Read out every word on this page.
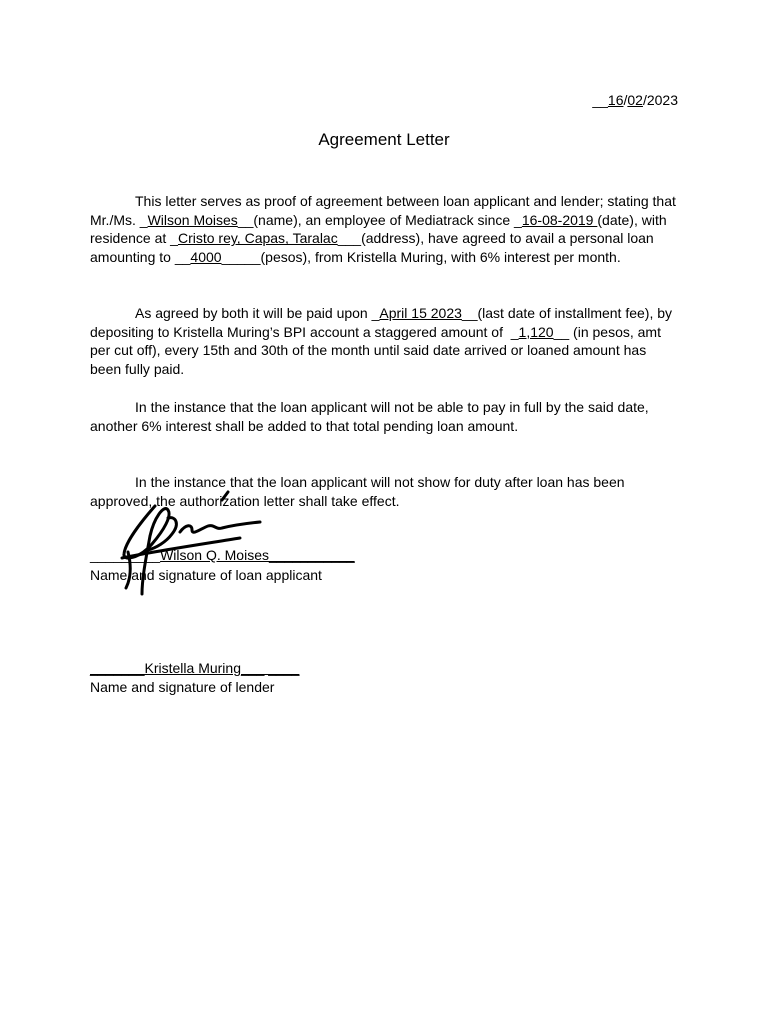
__16/02/2023
Agreement Letter
This letter serves as proof of agreement between loan applicant and lender; stating that Mr./Ms. _Wilson Moises__(name), an employee of Mediatrack since _16-08-2019 (date), with residence at _Cristo rey, Capas, Taralac___(address), have agreed to avail a personal loan amounting to __4000_____(pesos), from Kristella Muring, with 6% interest per month.
As agreed by both it will be paid upon _April 15 2023__(last date of installment fee), by depositing to Kristella Muring’s BPI account a staggered amount of  _1,120__ (in pesos, amt per cut off), every 15th and 30th of the month until said date arrived or loaned amount has been fully paid.
In the instance that the loan applicant will not be able to pay in full by the said date, another 6% interest shall be added to that total pending loan amount.
In the instance that the loan applicant will not show for duty after loan has been approved, the authorization letter shall take effect.
_________Wilson Q. Moises___________
Name and signature of loan applicant
_______Kristella Muring___ ____
Name and signature of lender
